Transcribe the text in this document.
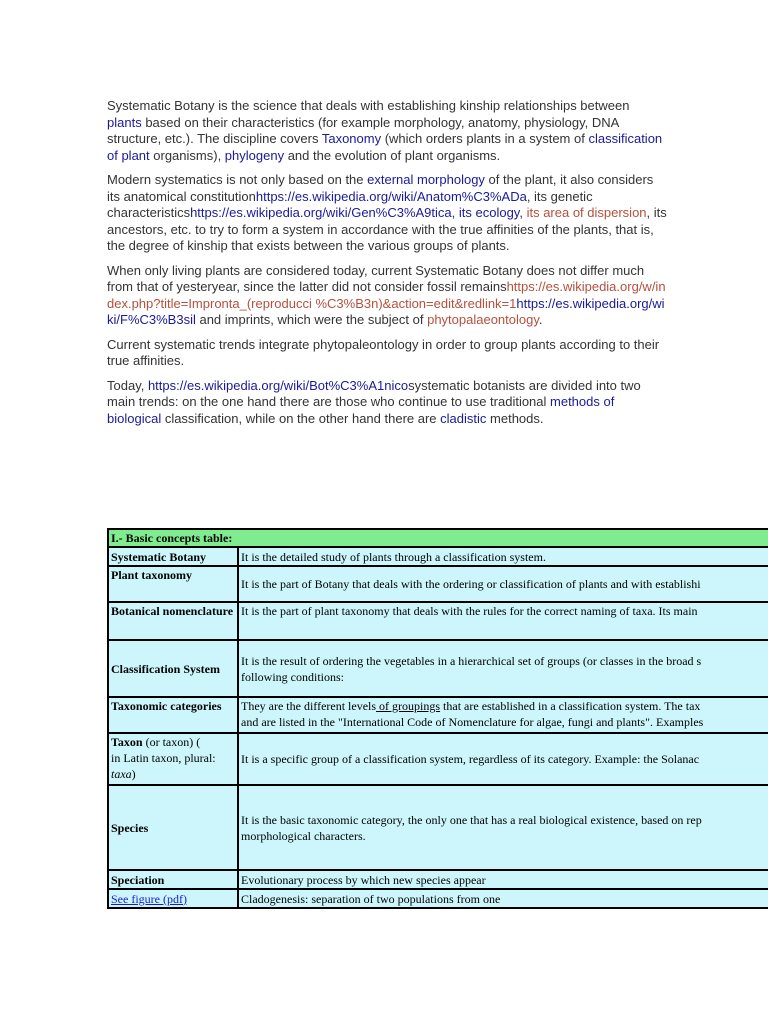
Systematic Botany is the science that deals with establishing kinship relationships between plants based on their characteristics (for example morphology, anatomy, physiology, DNA structure, etc.). The discipline covers Taxonomy (which orders plants in a system of classification of plant organisms), phylogeny and the evolution of plant organisms.

Modern systematics is not only based on the external morphology of the plant, it also considers its anatomical constitutionhttps://es.wikipedia.org/wiki/Anatom%C3%ADa, its genetic characteristicshttps://es.wikipedia.org/wiki/Gen%C3%A9tica, its ecology, its area of dispersion, its ancestors, etc. to try to form a system in accordance with the true affinities of the plants, that is, the degree of kinship that exists between the various groups of plants.

When only living plants are considered today, current Systematic Botany does not differ much from that of yesteryear, since the latter did not consider fossil remainshttps://es.wikipedia.org/w/index.php?title=Impronta_(reproducci %C3%B3n)&action=edit&redlink=1https://es.wikipedia.org/wiki/F%C3%B3sil and imprints, which were the subject of phytopalaeontology.

Current systematic trends integrate phytopaleontology in order to group plants according to their true affinities.

Today, https://es.wikipedia.org/wiki/Bot%C3%A1nicosystematic botanists are divided into two main trends: on the one hand there are those who continue to use traditional methods of biological classification, while on the other hand there are cladistic methods.

I.- Basic concepts table:	
Systematic Botany	It is the detailed study of plants through a classification system.
Plant taxonomy	It is the part of Botany that deals with the ordering or classification of plants and with establishi
Botanical nomenclature	It is the part of plant taxonomy that deals with the rules for the correct naming of taxa. Its main
Classification System	It is the result of ordering the vegetables in a hierarchical set of groups (or classes in the broad s
following conditions:
Taxonomic categories	They are the different levels of groupings that are established in a classification system. The tax
and are listed in the "International Code of Nomenclature for algae, fungi and plants". Examples
Taxon (or taxon) (
in Latin taxon, plural:
taxa)	It is a specific group of a classification system, regardless of its category. Example: the Solanac
Species	It is the basic taxonomic category, the only one that has a real biological existence, based on rep
morphological characters.
Speciation	Evolutionary process by which new species appear
See figure (pdf)	Cladogenesis: separation of two populations from one
